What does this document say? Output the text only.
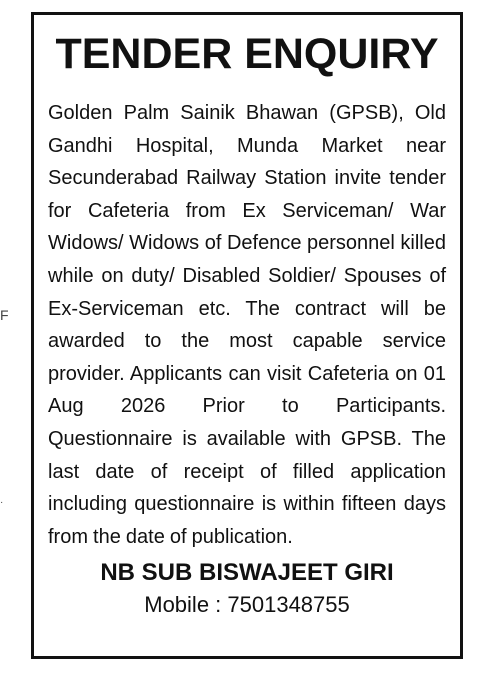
F
·
TENDER ENQUIRY

Golden Palm Sainik Bhawan (GPSB), Old Gandhi Hospital, Munda Market near Secunderabad Railway Station invite tender for Cafeteria from Ex Serviceman/ War Widows/ Widows of Defence personnel killed while on duty/ Disabled Soldier/ Spouses of Ex-Serviceman etc. The contract will be awarded to the most capable service provider. Applicants can visit Cafeteria on 01 Aug 2026 Prior to Participants. Questionnaire is available with GPSB. The last date of receipt of filled application including questionnaire is within fifteen days from the date of publication.

NB SUB BISWAJEET GIRI

Mobile : 7501348755
